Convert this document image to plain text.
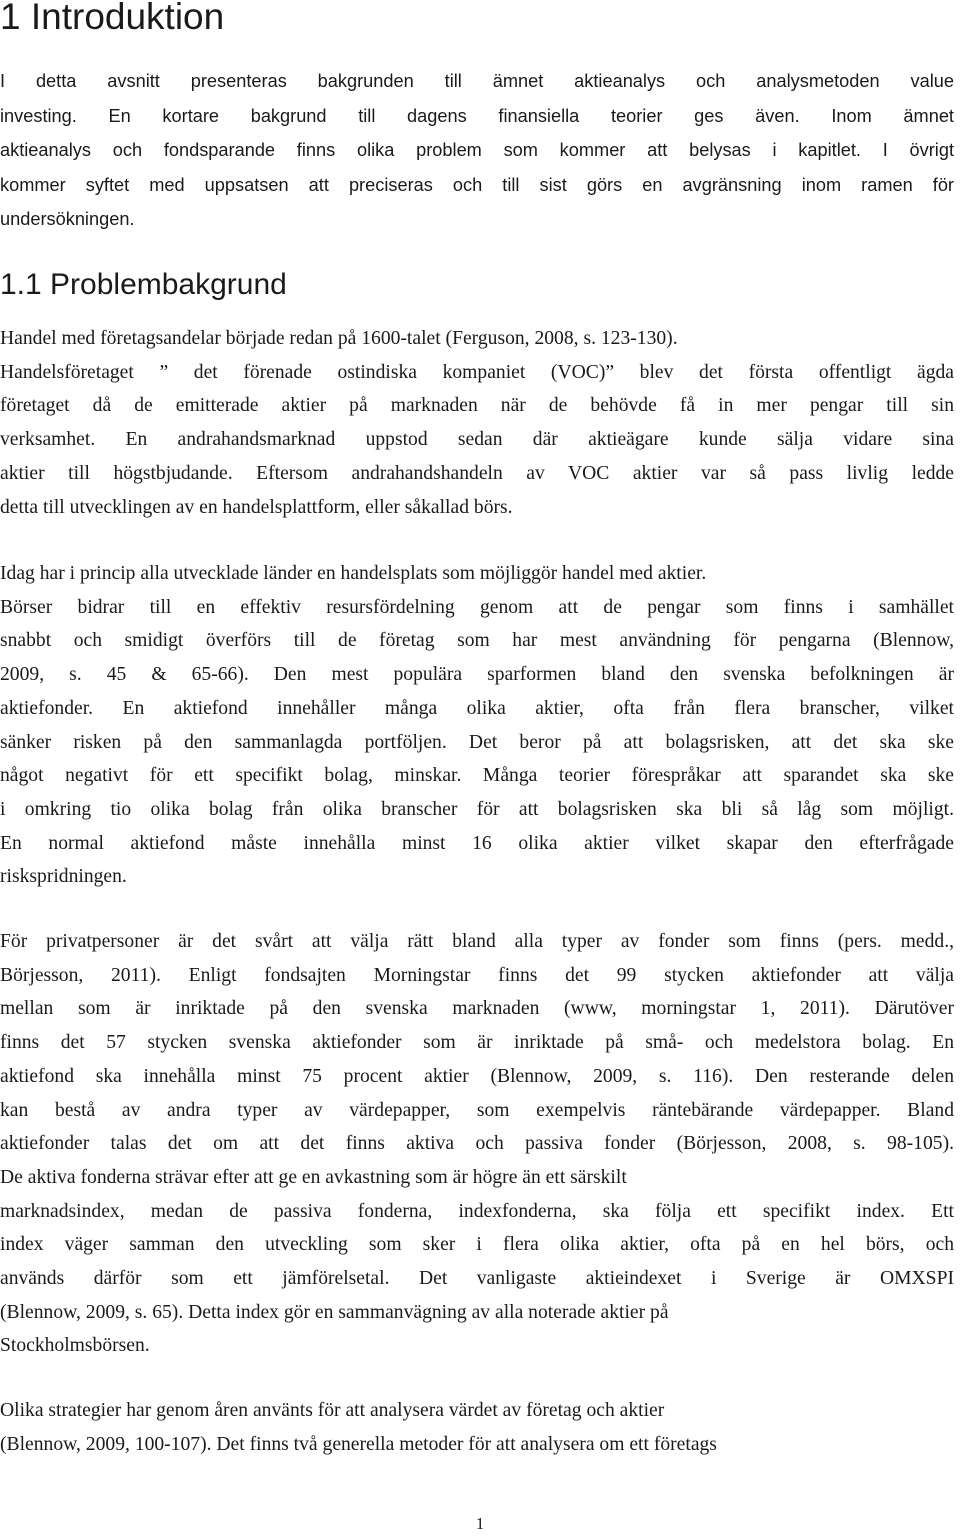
1 Introduktion
I detta avsnitt presenteras bakgrunden till ämnet aktieanalys och analysmetoden value
investing. En kortare bakgrund till dagens finansiella teorier ges även. Inom ämnet
aktieanalys och fondsparande finns olika problem som kommer att belysas i kapitlet. I övrigt
kommer syftet med uppsatsen att preciseras och till sist görs en avgränsning inom ramen för
undersökningen.
1.1 Problembakgrund
Handel med företagsandelar började redan på 1600-talet (Ferguson, 2008, s. 123-130).
Handelsföretaget ” det förenade ostindiska kompaniet (VOC)” blev det första offentligt ägda
företaget då de emitterade aktier på marknaden när de behövde få in mer pengar till sin
verksamhet. En andrahandsmarknad uppstod sedan där aktieägare kunde sälja vidare sina
aktier till högstbjudande. Eftersom andrahandshandeln av VOC aktier var så pass livlig ledde
detta till utvecklingen av en handelsplattform, eller såkallad börs.
Idag har i princip alla utvecklade länder en handelsplats som möjliggör handel med aktier.
Börser bidrar till en effektiv resursfördelning genom att de pengar som finns i samhället
snabbt och smidigt överförs till de företag som har mest användning för pengarna (Blennow,
2009, s. 45 & 65-66). Den mest populära sparformen bland den svenska befolkningen är
aktiefonder. En aktiefond innehåller många olika aktier, ofta från flera branscher, vilket
sänker risken på den sammanlagda portföljen. Det beror på att bolagsrisken, att det ska ske
något negativt för ett specifikt bolag, minskar. Många teorier förespråkar att sparandet ska ske
i omkring tio olika bolag från olika branscher för att bolagsrisken ska bli så låg som möjligt.
En normal aktiefond måste innehålla minst 16 olika aktier vilket skapar den efterfrågade
riskspridningen.
För privatpersoner är det svårt att välja rätt bland alla typer av fonder som finns (pers. medd.,
Börjesson, 2011). Enligt fondsajten Morningstar finns det 99 stycken aktiefonder att välja
mellan som är inriktade på den svenska marknaden (www, morningstar 1, 2011). Därutöver
finns det 57 stycken svenska aktiefonder som är inriktade på små- och medelstora bolag. En
aktiefond ska innehålla minst 75 procent aktier (Blennow, 2009, s. 116). Den resterande delen
kan bestå av andra typer av värdepapper, som exempelvis räntebärande värdepapper. Bland
aktiefonder talas det om att det finns aktiva och passiva fonder (Börjesson, 2008, s. 98-105).
De aktiva fonderna strävar efter att ge en avkastning som är högre än ett särskilt
marknadsindex, medan de passiva fonderna, indexfonderna, ska följa ett specifikt index. Ett
index väger samman den utveckling som sker i flera olika aktier, ofta på en hel börs, och
används därför som ett jämförelsetal. Det vanligaste aktieindexet i Sverige är OMXSPI
(Blennow, 2009, s. 65). Detta index gör en sammanvägning av alla noterade aktier på
Stockholmsbörsen.
Olika strategier har genom åren använts för att analysera värdet av företag och aktier
(Blennow, 2009, 100-107). Det finns två generella metoder för att analysera om ett företags
1
